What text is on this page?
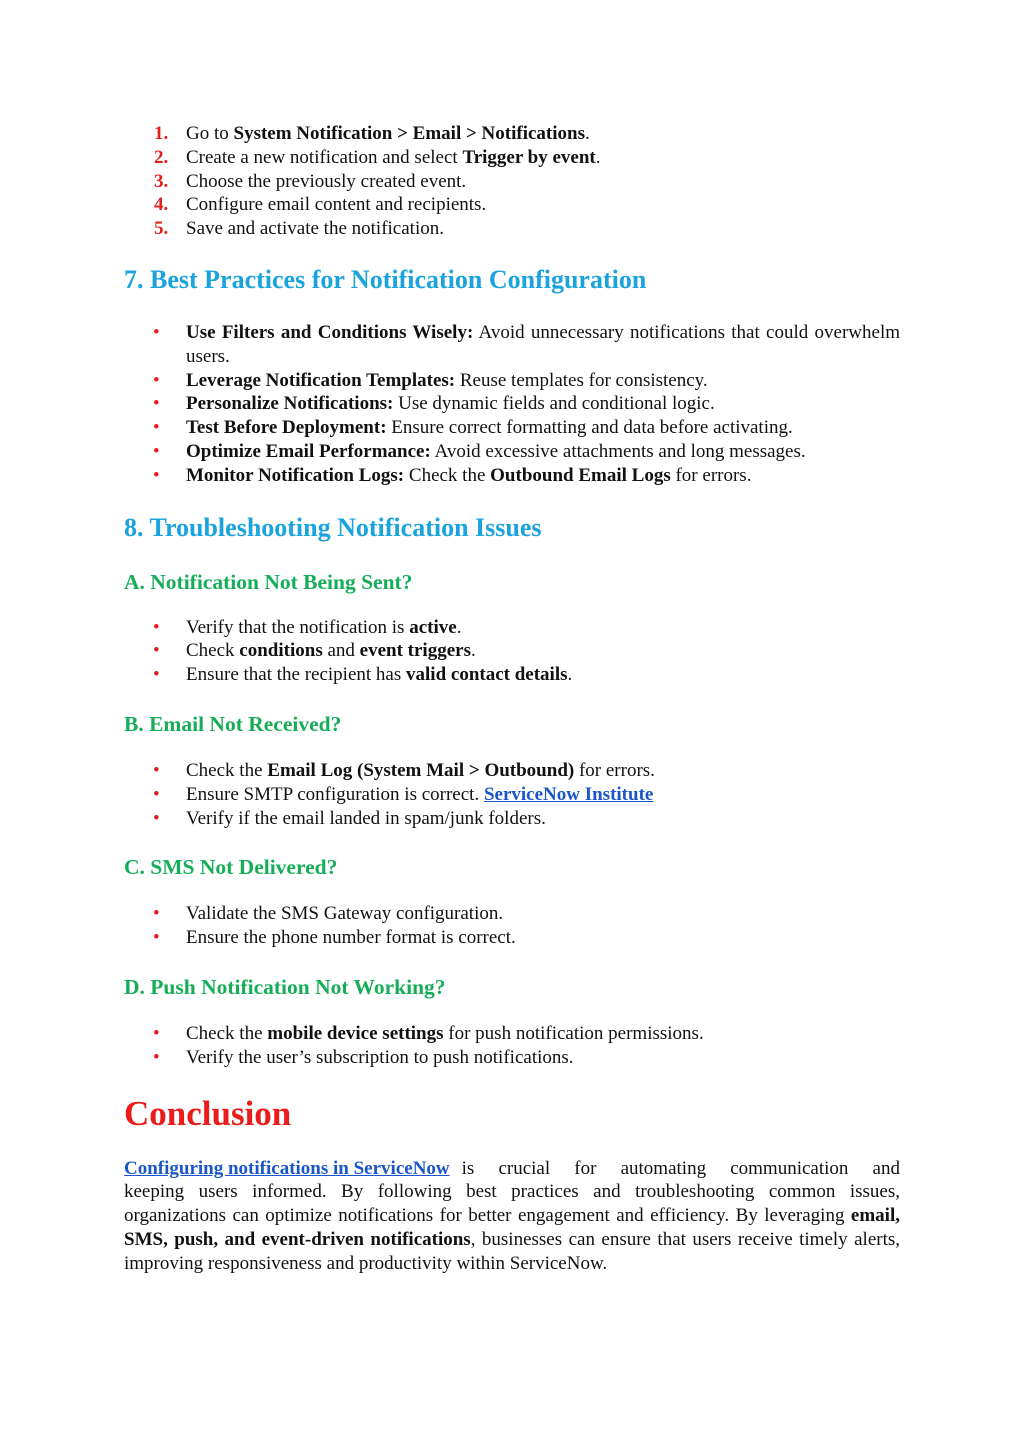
1. Go to System Notification > Email > Notifications.
2. Create a new notification and select Trigger by event.
3. Choose the previously created event.
4. Configure email content and recipients.
5. Save and activate the notification.
7. Best Practices for Notification Configuration
• Use Filters and Conditions Wisely: Avoid unnecessary notifications that could overwhelm users.
• Leverage Notification Templates: Reuse templates for consistency.
• Personalize Notifications: Use dynamic fields and conditional logic.
• Test Before Deployment: Ensure correct formatting and data before activating.
• Optimize Email Performance: Avoid excessive attachments and long messages.
• Monitor Notification Logs: Check the Outbound Email Logs for errors.
8. Troubleshooting Notification Issues
A. Notification Not Being Sent?
• Verify that the notification is active.
• Check conditions and event triggers.
• Ensure that the recipient has valid contact details.
B. Email Not Received?
• Check the Email Log (System Mail > Outbound) for errors.
• Ensure SMTP configuration is correct. ServiceNow Institute
• Verify if the email landed in spam/junk folders.
C. SMS Not Delivered?
• Validate the SMS Gateway configuration.
• Ensure the phone number format is correct.
D. Push Notification Not Working?
• Check the mobile device settings for push notification permissions.
• Verify the user’s subscription to push notifications.
Conclusion
Configuring notifications in ServiceNow is crucial for automating communication and

keeping users informed. By following best practices and troubleshooting common issues, organizations can optimize notifications for better engagement and efficiency. By leveraging email, SMS, push, and event-driven notifications, businesses can ensure that users receive timely alerts, improving responsiveness and productivity within ServiceNow.
